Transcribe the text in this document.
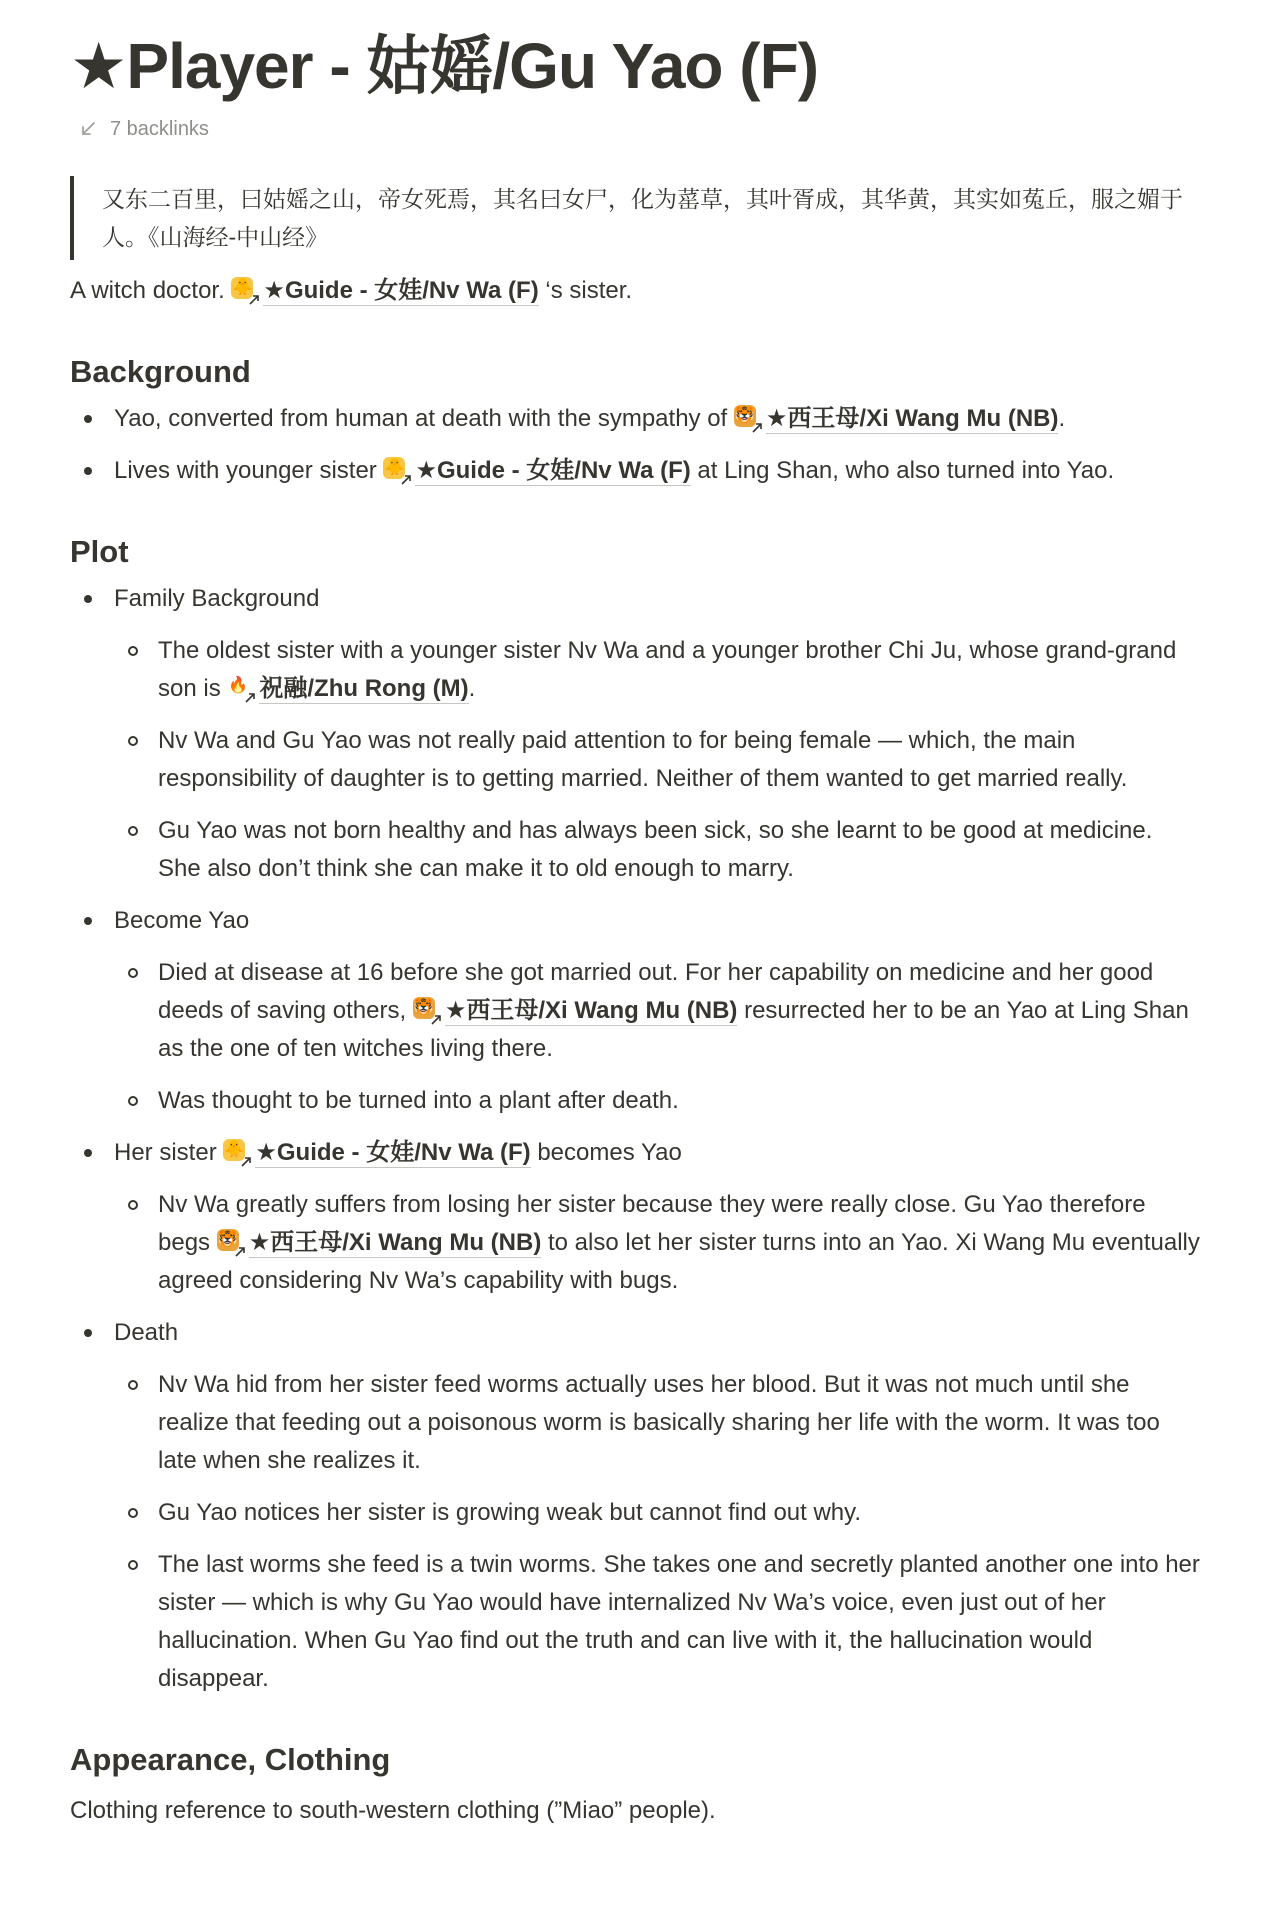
★Player - 姑媱/Gu Yao (F)
7 backlinks
又东二百里，曰姑媱之山，帝女死焉，其名曰女尸，化为䔄草，其叶胥成，其华黄，其实如菟丘，服之媚于人。《山海经-中山经》

A witch doctor. 🐥 ★Guide - 女娃/Nv Wa (F) ‘s sister.

Background
Yao, converted from human at death with the sympathy of 🐯 ★西王母/Xi Wang Mu (NB).
Lives with younger sister 🐥 ★Guide - 女娃/Nv Wa (F) at Ling Shan, who also turned into Yao.
Plot
Family Background
The oldest sister with a younger sister Nv Wa and a younger brother Chi Ju, whose grand-grand son is 🔥 祝融/Zhu Rong (M).
Nv Wa and Gu Yao was not really paid attention to for being female — which, the main responsibility of daughter is to getting married. Neither of them wanted to get married really.
Gu Yao was not born healthy and has always been sick, so she learnt to be good at medicine. She also don’t think she can make it to old enough to marry.
Become Yao
Died at disease at 16 before she got married out. For her capability on medicine and her good deeds of saving others, 🐯 ★西王母/Xi Wang Mu (NB) resurrected her to be an Yao at Ling Shan as the one of ten witches living there.
Was thought to be turned into a plant after death.
Her sister 🐥 ★Guide - 女娃/Nv Wa (F) becomes Yao
Nv Wa greatly suffers from losing her sister because they were really close. Gu Yao therefore begs 🐯 ★西王母/Xi Wang Mu (NB) to also let her sister turns into an Yao. Xi Wang Mu eventually agreed considering Nv Wa’s capability with bugs.
Death
Nv Wa hid from her sister feed worms actually uses her blood. But it was not much until she realize that feeding out a poisonous worm is basically sharing her life with the worm. It was too late when she realizes it.
Gu Yao notices her sister is growing weak but cannot find out why.
The last worms she feed is a twin worms. She takes one and secretly planted another one into her sister — which is why Gu Yao would have internalized Nv Wa’s voice, even just out of her hallucination. When Gu Yao find out the truth and can live with it, the hallucination would disappear.
Appearance, Clothing

Clothing reference to south-western clothing (”Miao” people).
